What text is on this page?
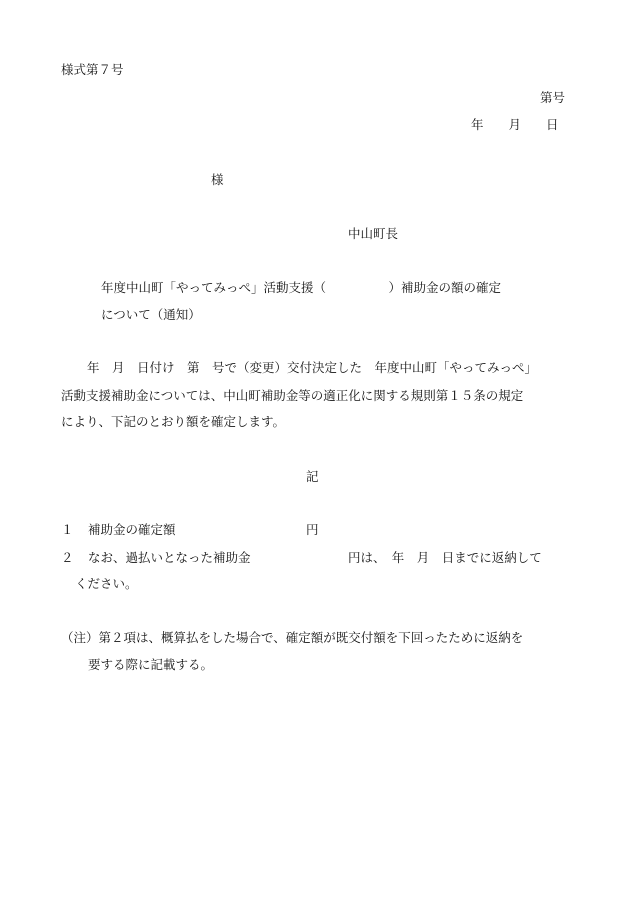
様式第７号
第号
年　　月　　日
様
中山町長
年度中山町「やってみっぺ」活動支援（　　　　　）補助金の額の確定
について（通知）
年　月　日付け　第　号で（変更）交付決定した　年度中山町「やってみっぺ」
活動支援補助金については、中山町補助金等の適正化に関する規則第１５条の規定
により、下記のとおり額を確定します。
記
１ 補助金の確定額	円
２ なお、過払いとなった補助金	円は、　年　月　日までに返納して
ください。
（注）第２項は、概算払をした場合で、確定額が既交付額を下回ったために返納を
要する際に記載する。
